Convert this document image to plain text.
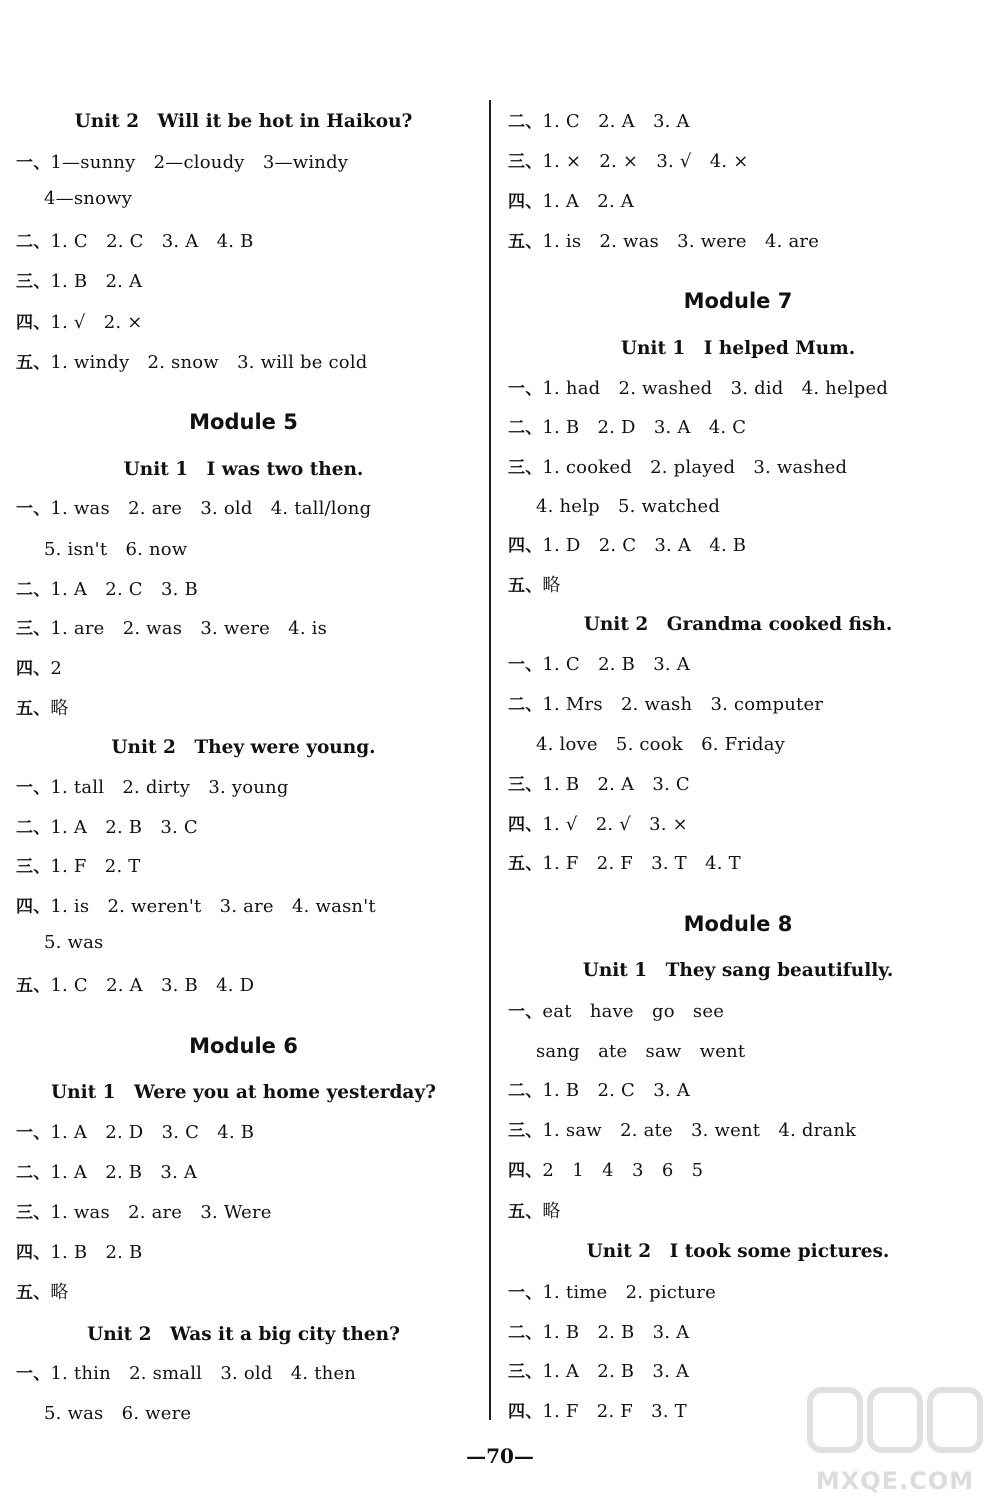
Unit 2　Will it be hot in Haikou?
一、1—sunny　2—cloudy　3—windy
4—snowy
二、1. C　2. C　3. A　4. B
三、1. B　2. A
四、1. √　2. ×
五、1. windy　2. snow　3. will be cold
Module 5
Unit 1　I was two then.
一、1. was　2. are　3. old　4. tall/long
5. isn't　6. now
二、1. A　2. C　3. B
三、1. are　2. was　3. were　4. is
四、2
五、略
Unit 2　They were young.
一、1. tall　2. dirty　3. young
二、1. A　2. B　3. C
三、1. F　2. T
四、1. is　2. weren't　3. are　4. wasn't
5. was
五、1. C　2. A　3. B　4. D
Module 6
Unit 1　Were you at home yesterday?
一、1. A　2. D　3. C　4. B
二、1. A　2. B　3. A
三、1. was　2. are　3. Were
四、1. B　2. B
五、略
Unit 2　Was it a big city then?
一、1. thin　2. small　3. old　4. then
5. was　6. were
二、1. C　2. A　3. A
三、1. ×　2. ×　3. √　4. ×
四、1. A　2. A
五、1. is　2. was　3. were　4. are
Module 7
Unit 1　I helped Mum.
一、1. had　2. washed　3. did　4. helped
二、1. B　2. D　3. A　4. C
三、1. cooked　2. played　3. washed
4. help　5. watched
四、1. D　2. C　3. A　4. B
五、略
Unit 2　Grandma cooked fish.
一、1. C　2. B　3. A
二、1. Mrs　2. wash　3. computer
4. love　5. cook　6. Friday
三、1. B　2. A　3. C
四、1. √　2. √　3. ×
五、1. F　2. F　3. T　4. T
Module 8
Unit 1　They sang beautifully.
一、eat　have　go　see
sang　ate　saw　went
二、1. B　2. C　3. A
三、1. saw　2. ate　3. went　4. drank
四、2　1　4　3　6　5
五、略
Unit 2　I took some pictures.
一、1. time　2. picture
二、1. B　2. B　3. A
三、1. A　2. B　3. A
四、1. F　2. F　3. T
—70—
MXQE.COM
